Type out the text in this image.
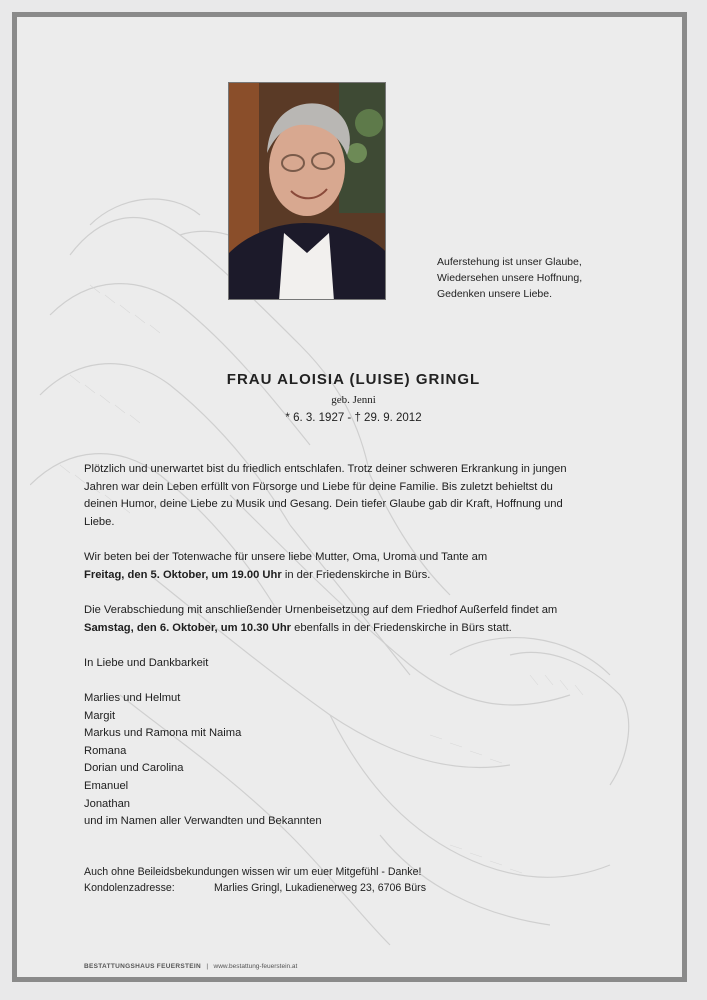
Auferstehung ist unser Glaube,
Wiedersehen unsere Hoffnung,
Gedenken unsere Liebe.
FRAU ALOISIA (LUISE) GRINGL
geb. Jenni
* 6. 3. 1927 - † 29. 9. 2012
Plötzlich und unerwartet bist du friedlich entschlafen. Trotz deiner schweren Erkrankung in jungen
Jahren war dein Leben erfüllt von Fürsorge und Liebe für deine Familie. Bis zuletzt behieltst du
deinen Humor, deine Liebe zu Musik und Gesang. Dein tiefer Glaube gab dir Kraft, Hoffnung und
Liebe.
Wir beten bei der Totenwache für unsere liebe Mutter, Oma, Uroma und Tante am
Freitag, den 5. Oktober, um 19.00 Uhr in der Friedenskirche in Bürs.
Die Verabschiedung mit anschließender Urnenbeisetzung auf dem Friedhof Außerfeld findet am
Samstag, den 6. Oktober, um 10.30 Uhr ebenfalls in der Friedenskirche in Bürs statt.
In Liebe und Dankbarkeit
Marlies und Helmut
Margit
Markus und Ramona mit Naima
Romana
Dorian und Carolina
Emanuel
Jonathan
und im Namen aller Verwandten und Bekannten
Auch ohne Beileidsbekundungen wissen wir um euer Mitgefühl - Danke!
Kondolenzadresse:	Marlies Gringl, Lukadienerweg 23, 6706 Bürs
BESTATTUNGSHAUS FEUERSTEIN | www.bestattung-feuerstein.at
